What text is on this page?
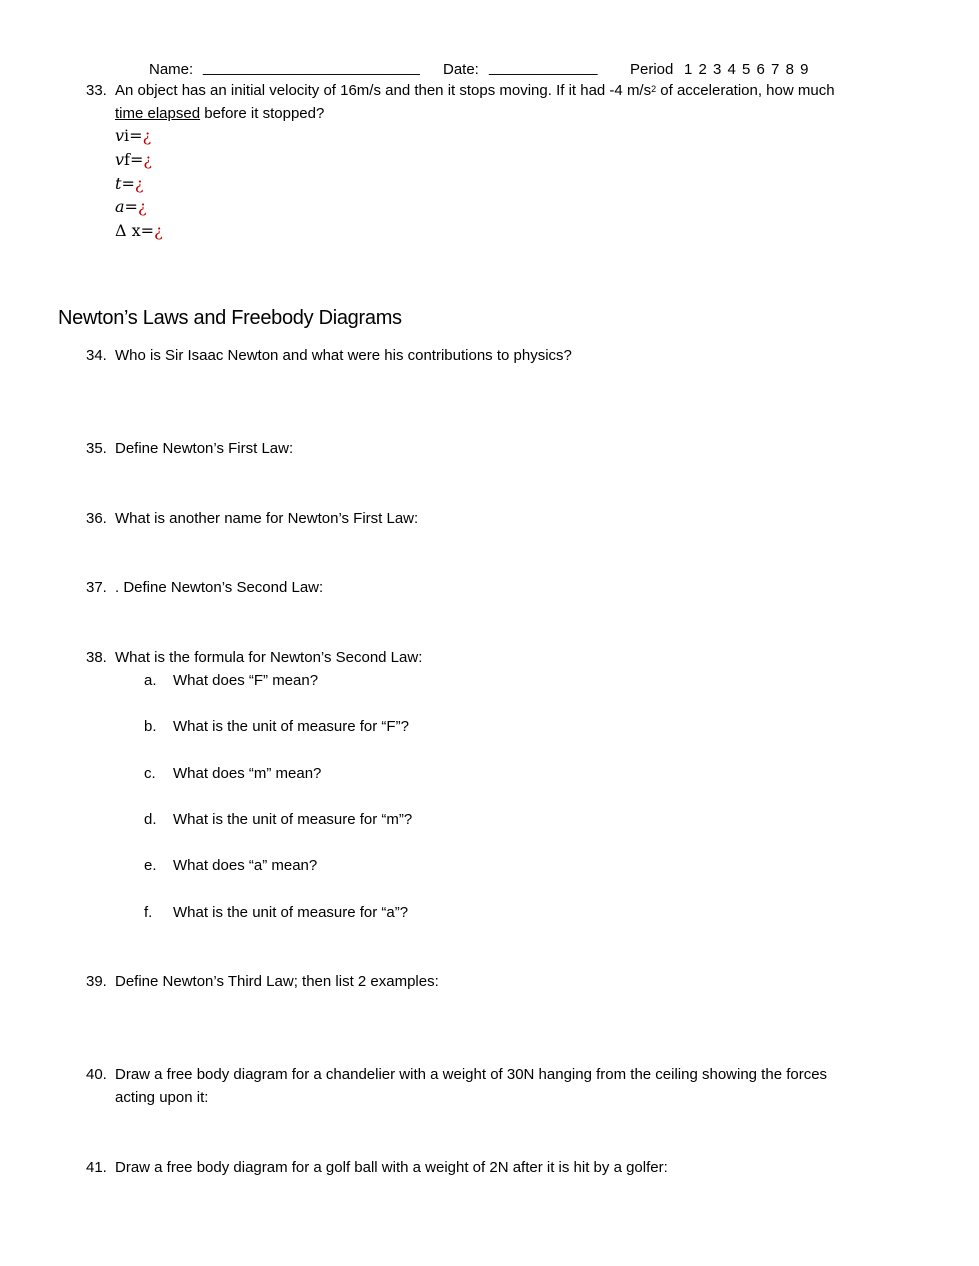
Name: __________________________ Date: _____________ Period 1 2 3 4 5 6 7 8 9
33. An object has an initial velocity of 16m/s and then it stops moving. If it had -4 $m/s^2$ of acceleration, how much
time elapsed before it stopped?
vi=¿
vf=¿
t=¿
a=¿
Δ x=¿
Newton’s Laws and Freebody Diagrams
34. Who is Sir Isaac Newton and what were his contributions to physics?
35. Define Newton’s First Law:
36. What is another name for Newton’s First Law:
37. . Define Newton’s Second Law:
38. What is the formula for Newton’s Second Law:
a. What does “F” mean?
b. What is the unit of measure for “F”?
c. What does “m” mean?
d. What is the unit of measure for “m”?
e. What does “a” mean?
f. What is the unit of measure for “a”?
39. Define Newton’s Third Law; then list 2 examples:
40. Draw a free body diagram for a chandelier with a weight of 30N hanging from the ceiling showing the forces
acting upon it:
41. Draw a free body diagram for a golf ball with a weight of 2N after it is hit by a golfer:
